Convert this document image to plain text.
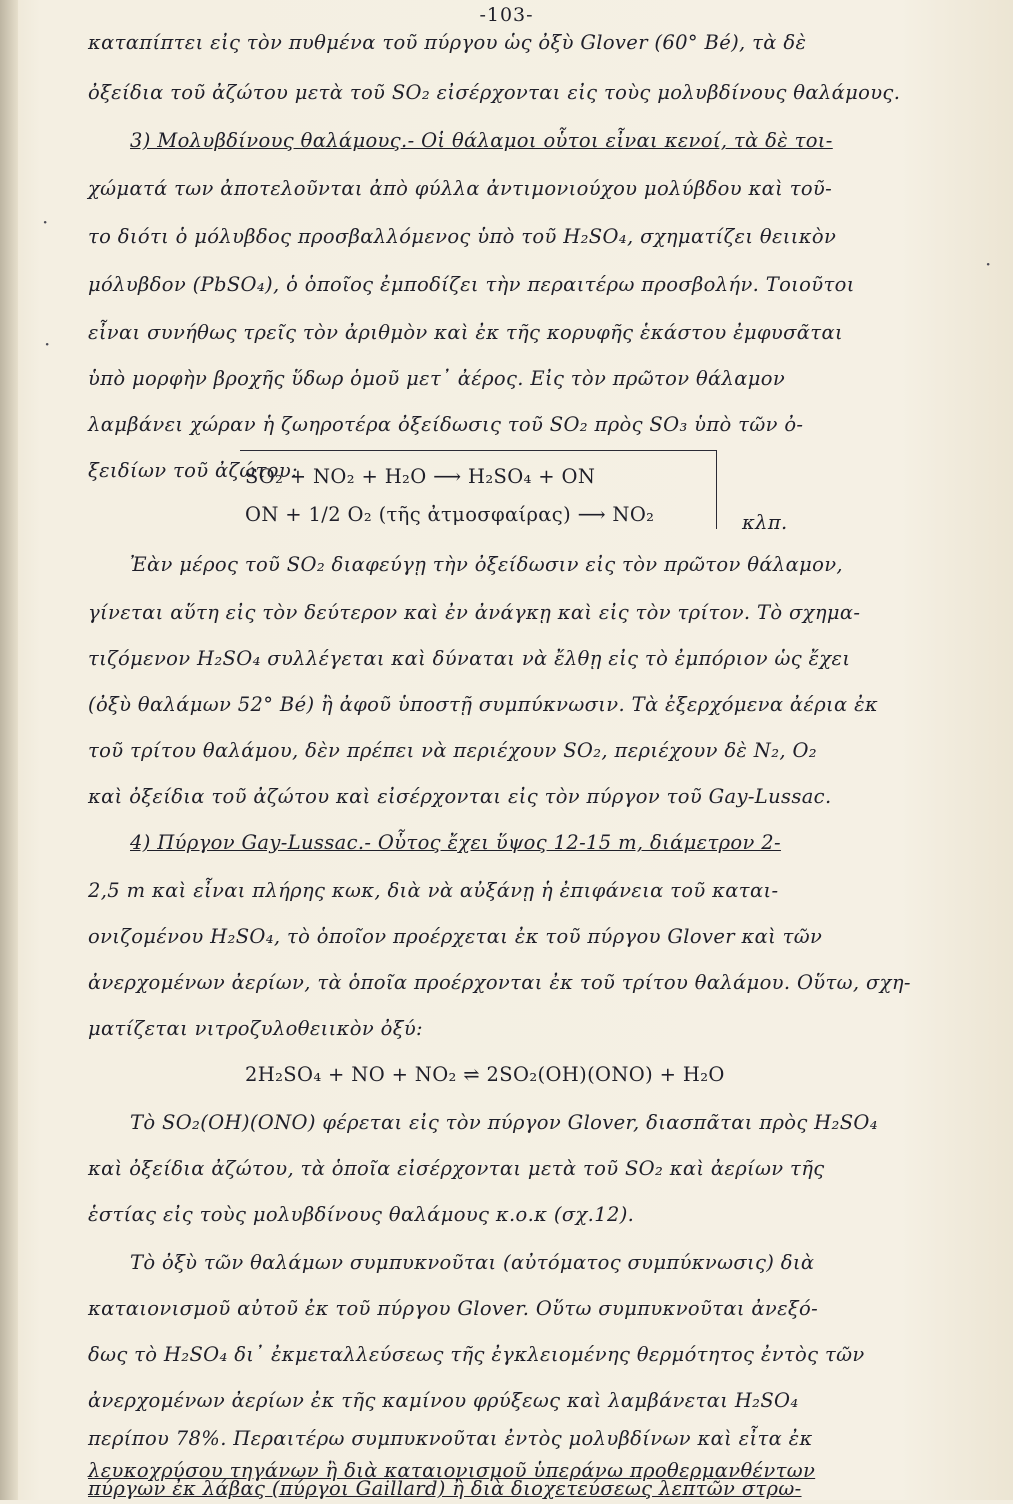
-103-
καταπίπτει εἰς τὸν πυθμένα τοῦ πύργου ὡς ὀξὺ Glover (60° Bé), τὰ δὲ
ὀξείδια τοῦ ἀζώτου μετὰ τοῦ SO₂ εἰσέρχονται εἰς τοὺς μολυβδίνους θαλάμους.
3) Μολυβδίνους θαλάμους.- Οἱ θάλαμοι οὗτοι εἶναι κενοί, τὰ δὲ τοι-
χώματά των ἀποτελοῦνται ἀπὸ φύλλα ἀντιμονιούχου μολύβδου καὶ τοῦ-
το διότι ὁ μόλυβδος προσβαλλόμενος ὑπὸ τοῦ H₂SO₄, σχηματίζει θειικὸν
μόλυβδον (PbSO₄), ὁ ὁποῖος ἐμποδίζει τὴν περαιτέρω προσβολήν. Τοιοῦτοι
εἶναι συνήθως τρεῖς τὸν ἀριθμὸν καὶ ἐκ τῆς κορυφῆς ἑκάστου ἐμφυσᾶται
ὑπὸ μορφὴν βροχῆς ὕδωρ ὁμοῦ μετ᾽ ἀέρος. Εἰς τὸν πρῶτον θάλαμον
λαμβάνει χώραν ἡ ζωηροτέρα ὀξείδωσις τοῦ SO₂ πρὸς SO₃ ὑπὸ τῶν ὀ-
ξειδίων τοῦ ἀζώτου:
SO₂ + NO₂ + H₂O ⟶ H₂SO₄ + ON
ON + 1/2 O₂ (τῆς ἀτμοσφαίρας) ⟶ NO₂	κλπ.
Ἐὰν μέρος τοῦ SO₂ διαφεύγῃ τὴν ὀξείδωσιν εἰς τὸν πρῶτον θάλαμον,
γίνεται αὕτη εἰς τὸν δεύτερον καὶ ἐν ἀνάγκῃ καὶ εἰς τὸν τρίτον. Τὸ σχημα-
τιζόμενον H₂SO₄ συλλέγεται καὶ δύναται νὰ ἔλθῃ εἰς τὸ ἐμπόριον ὡς ἔχει
(ὀξὺ θαλάμων 52° Bé) ἢ ἀφοῦ ὑποστῇ συμπύκνωσιν. Τὰ ἐξερχόμενα ἀέρια ἐκ
τοῦ τρίτου θαλάμου, δὲν πρέπει νὰ περιέχουν SO₂, περιέχουν δὲ N₂, O₂
καὶ ὀξείδια τοῦ ἀζώτου καὶ εἰσέρχονται εἰς τὸν πύργον τοῦ Gay-Lussac.
4) Πύργον Gay-Lussac.- Οὗτος ἔχει ὕψος 12-15 m, διάμετρον 2-
2,5 m καὶ εἶναι πλήρης κωκ, διὰ νὰ αὐξάνῃ ἡ ἐπιφάνεια τοῦ καται-
ονιζομένου H₂SO₄, τὸ ὁποῖον προέρχεται ἐκ τοῦ πύργου Glover καὶ τῶν
ἀνερχομένων ἀερίων, τὰ ὁποῖα προέρχονται ἐκ τοῦ τρίτου θαλάμου. Οὕτω, σχη-
ματίζεται νιτροζυλοθειικὸν ὀξύ:
2H₂SO₄ + NO + NO₂ ⇌ 2SO₂(OH)(ONO) + H₂O
Τὸ SO₂(OH)(ONO) φέρεται εἰς τὸν πύργον Glover, διασπᾶται πρὸς H₂SO₄
καὶ ὀξείδια ἀζώτου, τὰ ὁποῖα εἰσέρχονται μετὰ τοῦ SO₂ καὶ ἀερίων τῆς
ἑστίας εἰς τοὺς μολυβδίνους θαλάμους κ.ο.κ (σχ.12).
Τὸ ὀξὺ τῶν θαλάμων συμπυκνοῦται (αὐτόματος συμπύκνωσις) διὰ
καταιονισμοῦ αὐτοῦ ἐκ τοῦ πύργου Glover. Οὕτω συμπυκνοῦται ἀνεξό-
δως τὸ H₂SO₄ δι᾽ ἐκμεταλλεύσεως τῆς ἐγκλειομένης θερμότητος ἐντὸς τῶν
ἀνερχομένων ἀερίων ἐκ τῆς καμίνου φρύξεως καὶ λαμβάνεται H₂SO₄
περίπου 78%. Περαιτέρω συμπυκνοῦται ἐντὸς μολυβδίνων καὶ εἶτα ἐκ
λευκοχρύσου τηγάνων ἢ διὰ καταιονισμοῦ ὑπεράνω προθερμανθέντων
πύργων ἐκ λάβας (πύργοι Gaillard) ἢ διὰ διοχετεύσεως λεπτῶν στρω-
·
·
·
